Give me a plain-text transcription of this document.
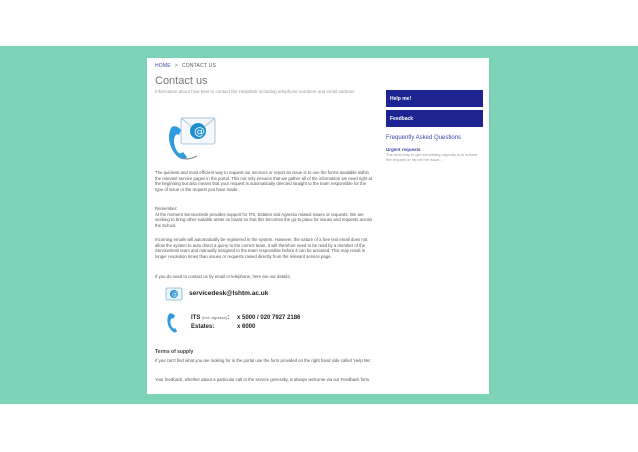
HOME > CONTACT US
Contact us
Information about how best to contact the Helpdesk including telephone numbers and email address
@
The quickest and most efficient way to request our services or report an issue is to use the forms available within the relevant service pages in the portal. This not only ensures that we gather all of the information we need right at the beginning but also means that your request is automatically directed straight to the team responsible for the type of issue or the request you have made.
Remember:
At the moment ServiceDesk provides support for ITS, Estates and Agresso related issues or requests. We are working to bring other suitable areas on board so that this becomes the go-to place for issues and requests across the School.
Incoming emails will automatically be registered in the system. However, the nature of a free text email does not allow the system to auto direct a query to the correct team. It will therefore need to be read by a member of the ServiceDesk team and manually assigned to the team responsible before it can be actioned. This may result in longer resolution times than issues or requests raised directly from the relevant service page.
If you do need to contact us by email or telephone, here are our details:
@ servicedesk@lshtm.ac.uk
ITS (incl. Agresso): x 5000 / 020 7927 2186
Estates:	x 6000
Terms of supply
If you can't find what you are looking for in the portal use the form provided on the right hand side called 'Help Me'.
Your feedback, whether about a particular call or the service generally, is always welcome via our Feedback form.
Help me!
Feedback
Frequently Asked Questions
Urgent requests
The best way to get something urgently is to submit the request or report the issue...
